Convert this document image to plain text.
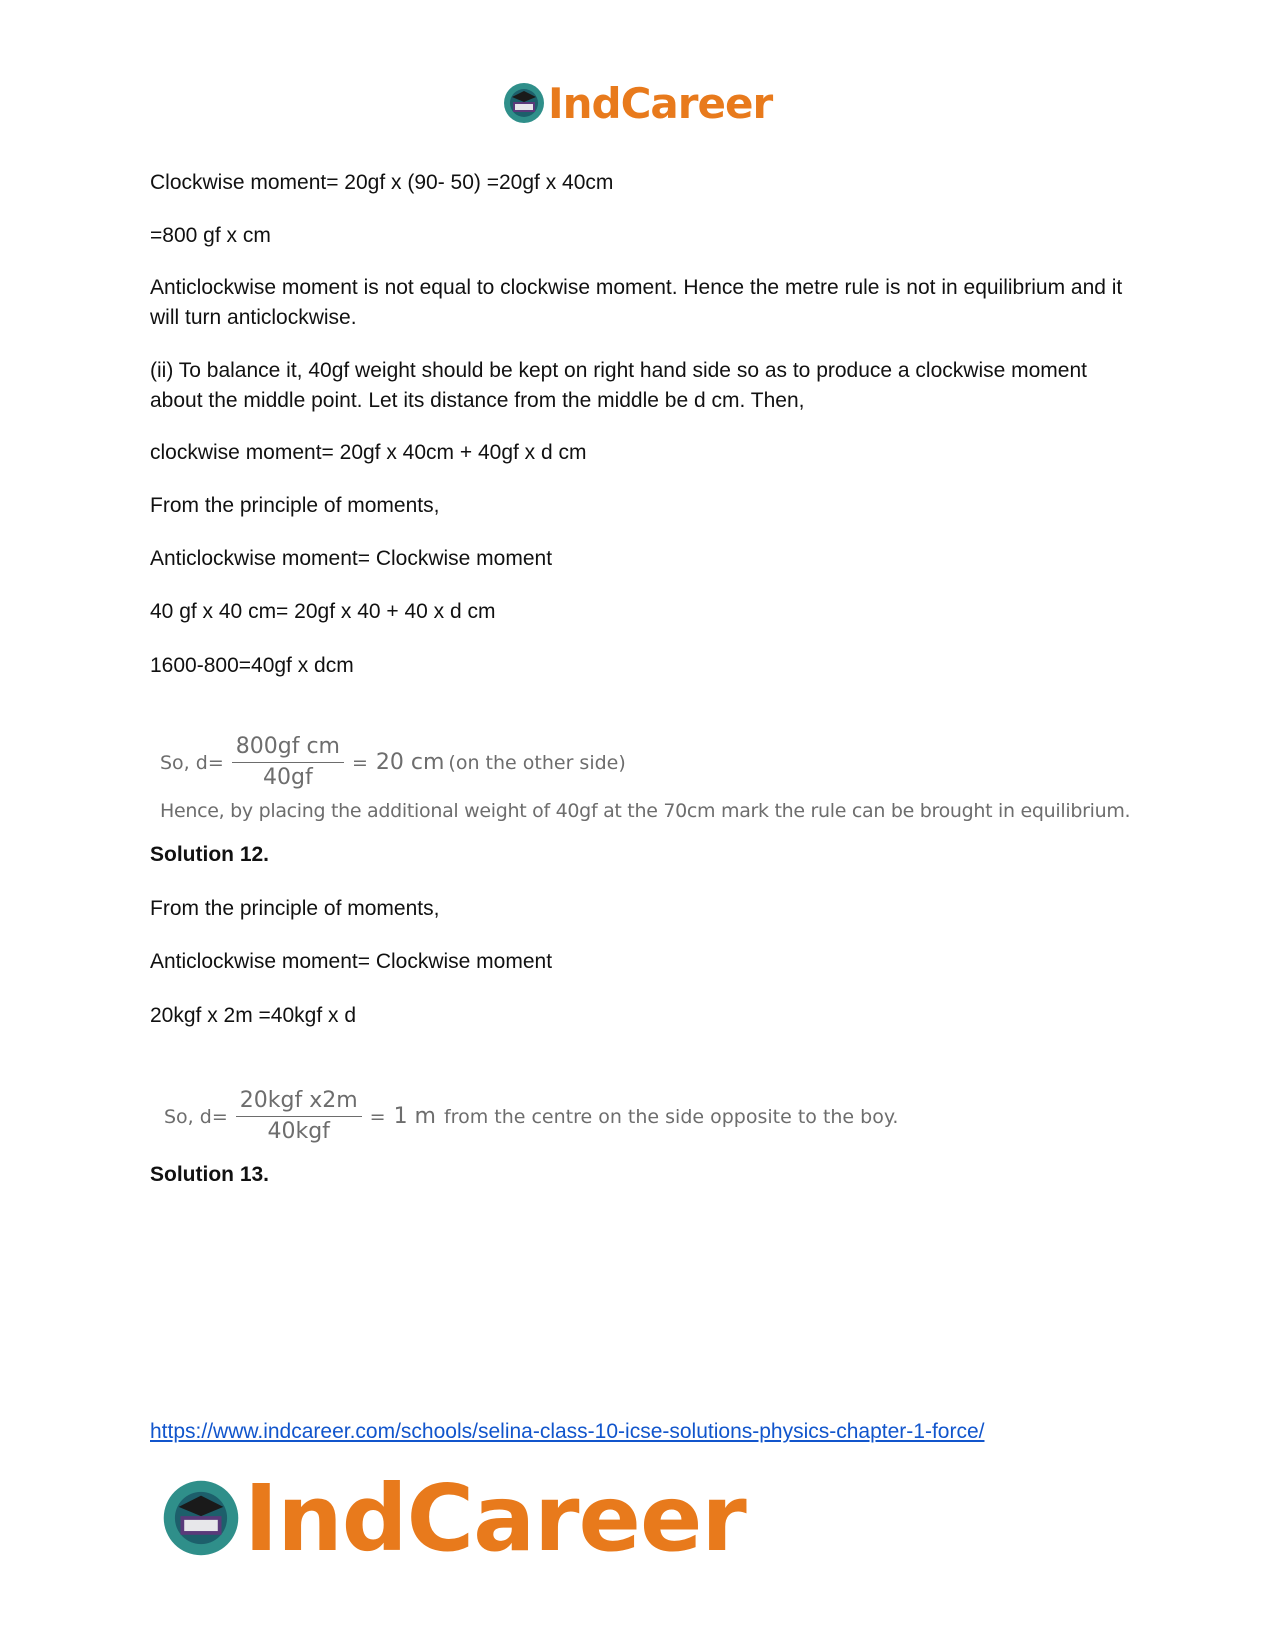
IndCareer

Clockwise moment= 20gf x (90- 50) =20gf x 40cm

=800 gf x cm

Anticlockwise moment is not equal to clockwise moment. Hence the metre rule is not in equilibrium and it will turn anticlockwise.

(ii) To balance it, 40gf weight should be kept on right hand side so as to produce a clockwise moment about the middle point. Let its distance from the middle be d cm. Then,

clockwise moment= 20gf x 40cm + 40gf x d cm

From the principle of moments,

Anticlockwise moment= Clockwise moment

40 gf x 40 cm= 20gf x 40 + 40 x d cm

1600-800=40gf x dcm

Solution 12.

From the principle of moments,

Anticlockwise moment= Clockwise moment

20kgf x 2m =40kgf x d

Solution 13.

So, $d= \frac{\text{800gf cm}}{40gf} = 20$ cm (on the other side)
Hence, by placing the additional weight of 40gf at the 70cm mark the rule can be brought in equilibrium.
So, $d= \frac{\text{20kgf x2m}}{\text{40kgf}} = 1$ m from the centre on the side opposite to the boy.
https://www.indcareer.com/schools/selina-class-10-icse-solutions-physics-chapter-1-force/
IndCareer
